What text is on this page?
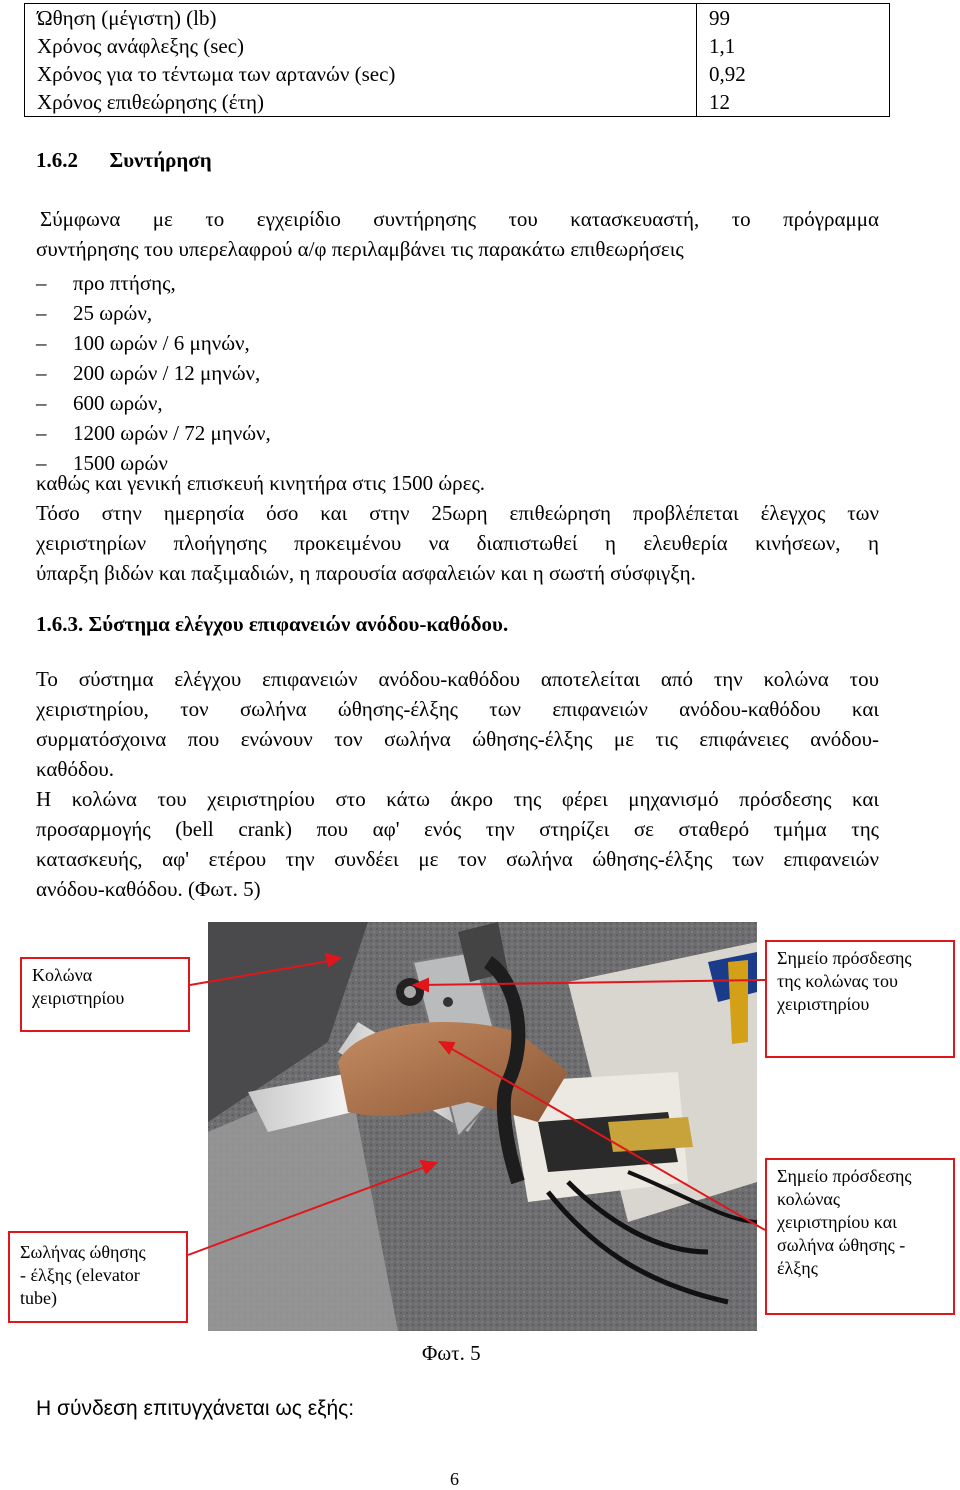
Ώθηση (μέγιστη) (lb)	99
Χρόνος ανάφλεξης (sec)	1,1
Χρόνος για το τέντωμα των αρτανών (sec)	0,92
Χρόνος επιθεώρησης (έτη)	12
1.6.2      Συντήρηση
Σύμφωνα με το εγχειρίδιο συντήρησης του κατασκευαστή, το πρόγραμμα
συντήρησης του υπερελαφρού α/φ περιλαμβάνει τις παρακάτω επιθεωρήσεις
– προ πτήσης,
– 25 ωρών,
– 100 ωρών / 6 μηνών,
– 200 ωρών / 12 μηνών,
– 600 ωρών,
– 1200 ωρών / 72 μηνών,
– 1500 ωρών
καθώς και γενική επισκευή κινητήρα στις 1500 ώρες.
Τόσο στην ημερησία όσο και στην 25ωρη επιθεώρηση προβλέπεται έλεγχος των
χειριστηρίων πλοήγησης προκειμένου να διαπιστωθεί η ελευθερία κινήσεων, η
ύπαρξη βιδών και παξιμαδιών, η παρουσία ασφαλειών και η σωστή σύσφιγξη.
1.6.3. Σύστημα ελέγχου επιφανειών ανόδου-καθόδου.
Το σύστημα ελέγχου επιφανειών ανόδου-καθόδου αποτελείται από την κολώνα του
χειριστηρίου, τον σωλήνα ώθησης-έλξης των επιφανειών ανόδου-καθόδου και
συρματόσχοινα που ενώνουν τον σωλήνα ώθησης-έλξης με τις επιφάνειες ανόδου-
καθόδου.
Η κολώνα του χειριστηρίου στο κάτω άκρο της φέρει μηχανισμό πρόσδεσης και
προσαρμογής (bell crank) που αφ' ενός την στηρίζει σε σταθερό τμήμα της
κατασκευής, αφ' ετέρου την συνδέει με τον σωλήνα ώθησης-έλξης των επιφανειών
ανόδου-καθόδου. (Φωτ. 5)
Κολώνα
χειριστηρίου
Σημείο πρόσδεσης
της κολώνας του
χειριστηρίου
Σημείο πρόσδεσης
κολώνας
χειριστηρίου και
σωλήνα ώθησης -
έλξης
Σωλήνας ώθησης
- έλξης (elevator
tube)
Φωτ. 5
Η σύνδεση επιτυγχάνεται ως εξής:
6
